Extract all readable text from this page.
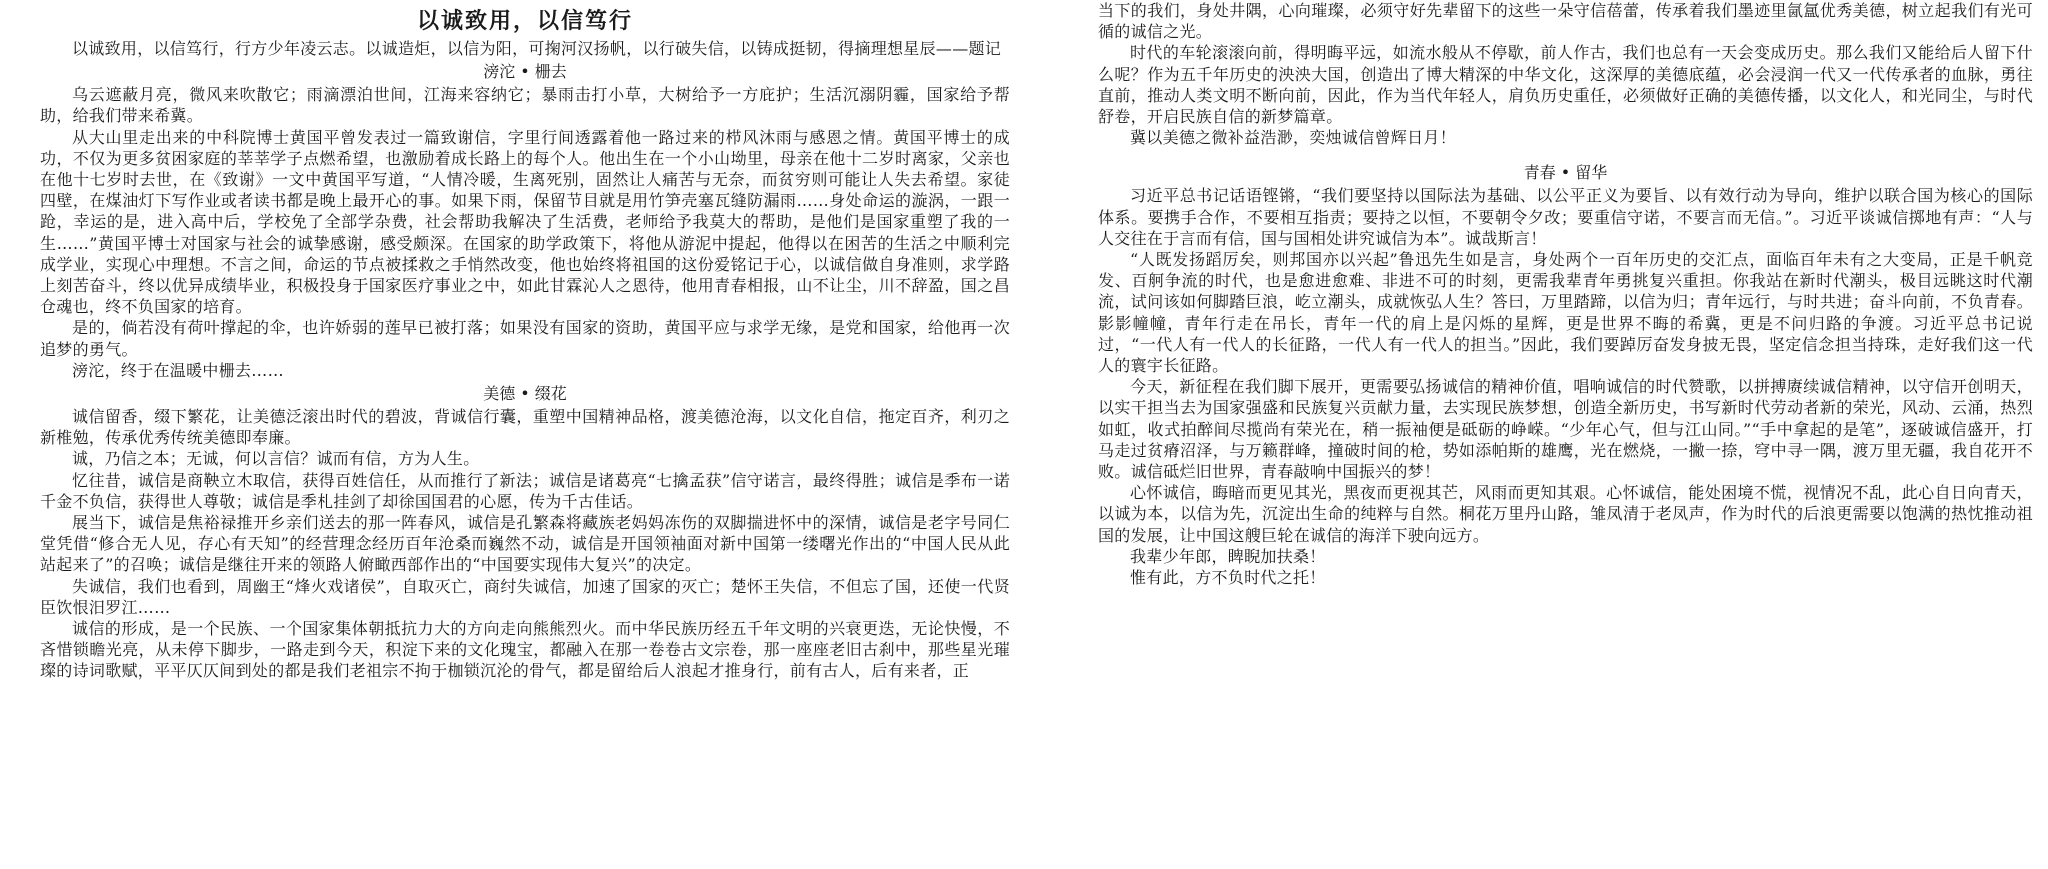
以诚致用，以信笃行

以诚致用，以信笃行，行方少年凌云志。以诚造炬，以信为阳，可掬河汉扬帆，以行破失信，以铸成挺韧，得摘理想星辰——题记

滂沱 • 栅去

乌云遮蔽月亮，微风来吹散它；雨滴漂泊世间，江海来容纳它；暴雨击打小草，大树给予一方庇护；生活沉溺阴霾，国家给予帮助，给我们带来希冀。

从大山里走出来的中科院博士黄国平曾发表过一篇致谢信，字里行间透露着他一路过来的栉风沐雨与感恩之情。黄国平博士的成功，不仅为更多贫困家庭的莘莘学子点燃希望，也激励着成长路上的每个人。他出生在一个小山坳里，母亲在他十二岁时离家，父亲也在他十七岁时去世，在《致谢》一文中黄国平写道，“人情冷暖，生离死别，固然让人痛苦与无奈，而贫穷则可能让人失去希望。家徒四壁，在煤油灯下写作业或者读书都是晚上最开心的事。如果下雨，保留节目就是用竹笋壳塞瓦缝防漏雨……身处命运的漩涡，一跟一跄，幸运的是，进入高中后，学校免了全部学杂费，社会帮助我解决了生活费，老师给予我莫大的帮助，是他们是国家重塑了我的一生……”黄国平博士对国家与社会的诚挚感谢，感受颇深。在国家的助学政策下，将他从游泥中提起，他得以在困苦的生活之中顺利完成学业，实现心中理想。不言之间，命运的节点被揉救之手悄然改变，他也始终将祖国的这份爱铭记于心，以诚信做自身准则，求学路上刻苦奋斗，终以优异成绩毕业，积极投身于国家医疗事业之中，如此甘霖沁人之恩待，他用青春相报，山不让尘，川不辞盈，国之昌仓魂也，终不负国家的培育。

是的，倘若没有荷叶撑起的伞，也许娇弱的莲早已被打落；如果没有国家的资助，黄国平应与求学无缘，是党和国家，给他再一次追梦的勇气。

滂沱，终于在温暖中栅去……

美德 • 缀花

诚信留香，缀下繁花，让美德泛滚出时代的碧波，背诚信行囊，重塑中国精神品格，渡美德沧海，以文化自信，拖定百齐，利刃之新椎勉，传承优秀传统美德即奉廉。

诚，乃信之本；无诚，何以言信？诚而有信，方为人生。

忆往昔，诚信是商鞅立木取信，获得百姓信任，从而推行了新法；诚信是诸葛亮“七擒孟获”信守诺言，最终得胜；诚信是季布一诺千金不负信，获得世人尊敬；诚信是季札挂剑了却徐国国君的心愿，传为千古佳话。

展当下，诚信是焦裕禄推开乡亲们送去的那一阵春风，诚信是孔繁森将藏族老妈妈冻伤的双脚揣进怀中的深情，诚信是老字号同仁堂凭借“修合无人见，存心有天知”的经营理念经历百年沧桑而巍然不动，诚信是开国领袖面对新中国第一缕曙光作出的“中国人民从此站起来了”的召唤；诚信是继往开来的领路人俯瞰西部作出的“中国要实现伟大复兴”的决定。

失诚信，我们也看到，周幽王“烽火戏诸侯”，自取灭亡，商纣失诚信，加速了国家的灭亡；楚怀王失信，不但忘了国，还使一代贤臣饮恨汨罗江……

诚信的形成，是一个民族、一个国家集体朝抵抗力大的方向走向熊熊烈火。而中华民族历经五千年文明的兴衰更迭，无论快慢，不吝惜锁瞻光亮，从未停下脚步，一路走到今天，积淀下来的文化瑰宝，都融入在那一卷卷古文宗卷，那一座座老旧古刹中，那些星光璀璨的诗词歌赋，平平仄仄间到处的都是我们老祖宗不拘于枷锁沉沦的骨气，都是留给后人浪起才推身行，前有古人，后有来者，正

当下的我们，身处井隅，心向璀璨，必须守好先辈留下的这些一朵守信蓓蕾，传承着我们墨迹里氤氲优秀美德，树立起我们有光可循的诚信之光。

时代的车轮滚滚向前，得明晦平远，如流水般从不停歇，前人作古，我们也总有一天会变成历史。那么我们又能给后人留下什么呢？作为五千年历史的泱泱大国，创造出了博大精深的中华文化，这深厚的美德底蕴，必会浸润一代又一代传承者的血脉，勇往直前，推动人类文明不断向前，因此，作为当代年轻人，肩负历史重任，必须做好正确的美德传播，以文化人，和光同尘，与时代舒卷，开启民族自信的新梦篇章。

冀以美德之微补益浩渺，奕烛诚信曾辉日月！

青春 • 留华

习近平总书记话语铿锵，“我们要坚持以国际法为基础、以公平正义为要旨、以有效行动为导向，维护以联合国为核心的国际体系。要携手合作，不要相互指责；要持之以恒，不要朝令夕改；要重信守诺，不要言而无信。”。习近平谈诚信掷地有声：“人与人交往在于言而有信，国与国相处讲究诚信为本”。诚哉斯言！

“人既发扬蹈厉矣，则邦国亦以兴起”鲁迅先生如是言，身处两个一百年历史的交汇点，面临百年未有之大变局，正是千帆竞发、百舸争流的时代，也是愈进愈难、非进不可的时刻，更需我辈青年勇挑复兴重担。你我站在新时代潮头，极目远眺这时代潮流，试问该如何脚踏巨浪，屹立潮头，成就恢弘人生？答曰，万里踏蹄，以信为归；青年远行，与时共进；奋斗向前，不负青春。影影幢幢，青年行走在吊长，青年一代的肩上是闪烁的星辉，更是世界不晦的希冀，更是不问归路的争渡。习近平总书记说过，“一代人有一代人的长征路，一代人有一代人的担当。”因此，我们要踔厉奋发身披无畏，坚定信念担当持珠，走好我们这一代人的寰宇长征路。

今天，新征程在我们脚下展开，更需要弘扬诚信的精神价值，唱响诚信的时代赞歌，以拼搏赓续诚信精神，以守信开创明天，以实干担当去为国家强盛和民族复兴贡献力量，去实现民族梦想，创造全新历史，书写新时代劳动者新的荣光，风动、云涌，热烈如虹，收式拍醉间尽揽尚有荣光在，稍一振袖便是砥砺的峥嵘。“少年心气，但与江山同。”“手中拿起的是笔”，逐破诚信盛开，打马走过贫瘠沼泽，与万籁群峰，撞破时间的枪，势如添帕斯的雄鹰，光在燃烧，一撇一捺，穹中寻一隅，渡万里无疆，我自花开不败。诚信砥烂旧世界，青春敲响中国振兴的梦！

心怀诚信，晦暗而更见其光，黑夜而更视其芒，风雨而更知其艰。心怀诚信，能处困境不慌，视情况不乱，此心自日向青天，以诚为本，以信为先，沉淀出生命的纯粹与自然。桐花万里丹山路，雏凤清于老凤声，作为时代的后浪更需要以饱满的热忱推动祖国的发展，让中国这艘巨轮在诚信的海洋下驶向远方。

我辈少年郎，睥睨加扶桑！

惟有此，方不负时代之托！
